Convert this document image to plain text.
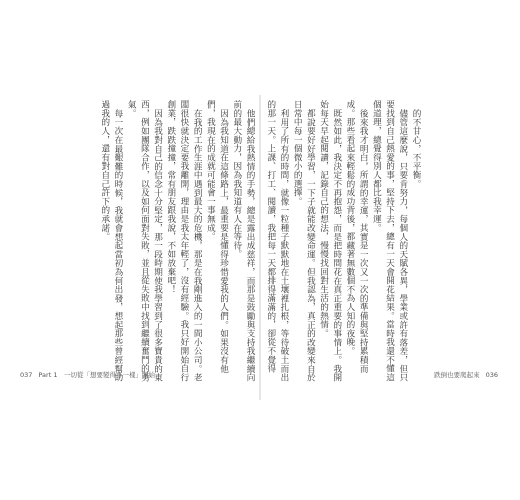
他們總給我熱情的手勢，總是露出成慈祥，而那是鼓勵與支持我繼續向前的最大動力，因為我知道有人在等待。
因為我知道在這條路上，最重要是懂得珍惜愛我的人們。如果沒有他們，我現在的成就可能會一事無成。
在我的工作生涯中遇到最大的危機，那是在我剛進入的一間小公司。老闆很快就決定要我離開，理由是我太年輕了，沒有經驗。我只好開始自行創業，跌跌撞撞，常有朋友跟我說，不如放棄吧！
因為我對自己的信念十分堅定，那一段時期使我學習到了很多寶貴的東西，例如團隊合作，以及如何面對失敗，並且從失敗中找到繼續奮鬥的勇氣。
每一次在最艱難的時候，我就會想起當初為何出發，想起那些曾經幫助過我的人，還有對自己許下的承諾。	的不甘心，不平衡。
儘管這麼說，只要肯努力，每個人的天賦各異，學業或許有落差，但只要找到自己熱愛的事，堅持下去，總有一天會開花結果。當時我還不懂這個道理，總覺得別人都比我幸運。
後來我才明白，所謂的幸運，其實是一次又一次的準備與堅持累積而成。那些看起來輕鬆的成功背後，都藏著無數個不為人知的夜晚。
既然如此，我決定不再抱怨，而是把時間花在真正重要的事情上。我開始每天早起閱讀，記錄自己的想法，慢慢找回對生活的熱情。
都說要好好學習，一下子就能改變命運。但我認為，真正的改變來自於日常中每一個微小的選擇。
利用了所有的時間，就像一粒種子默默地在土壤裡扎根，等待破土而出的那一天。上課、打工、閱讀，我把每一天都排得滿滿的，卻從不覺得
037 Part 1　一切從「想要變得不一樣」開始	跌倒也要爬起來 036
